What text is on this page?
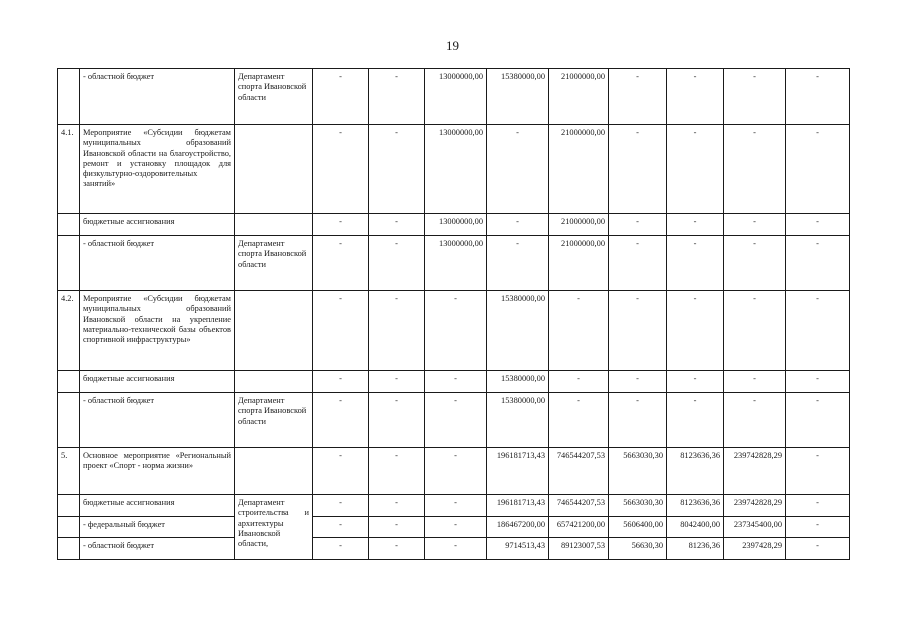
19
	- областной бюджет	Департамент спорта Ивановской области	-	-	13000000,00	15380000,00	21000000,00	-	-	-	-
4.1.	Мероприятие «Субсидии бюджетам муниципальных образований Ивановской области на благоустройство, ремонт и установку площадок для физкультурно-оздоровительных занятий»		-	-	13000000,00	-	21000000,00	-	-	-	-
	бюджетные ассигнования		-	-	13000000,00	-	21000000,00	-	-	-	-
	- областной бюджет	Департамент спорта Ивановской области	-	-	13000000,00	-	21000000,00	-	-	-	-
4.2.	Мероприятие «Субсидии бюджетам муниципальных образований Ивановской области на укрепление материально-технической базы объектов спортивной инфраструктуры»		-	-	-	15380000,00	-	-	-	-	-
	бюджетные ассигнования		-	-	-	15380000,00	-	-	-	-	-
	- областной бюджет	Департамент спорта Ивановской области	-	-	-	15380000,00	-	-	-	-	-
5.	Основное мероприятие «Региональный проект «Спорт - норма жизни»		-	-	-	196181713,43	746544207,53	5663030,30	8123636,36	239742828,29	-
	бюджетные ассигнования	Департамент строительства и архитектуры Ивановской области,	-	-	-	196181713,43	746544207,53	5663030,30	8123636,36	239742828,29	-
	- федеральный бюджет		-	-	-	186467200,00	657421200,00	5606400,00	8042400,00	237345400,00	-
	- областной бюджет		-	-	-	9714513,43	89123007,53	56630,30	81236,36	2397428,29	-
